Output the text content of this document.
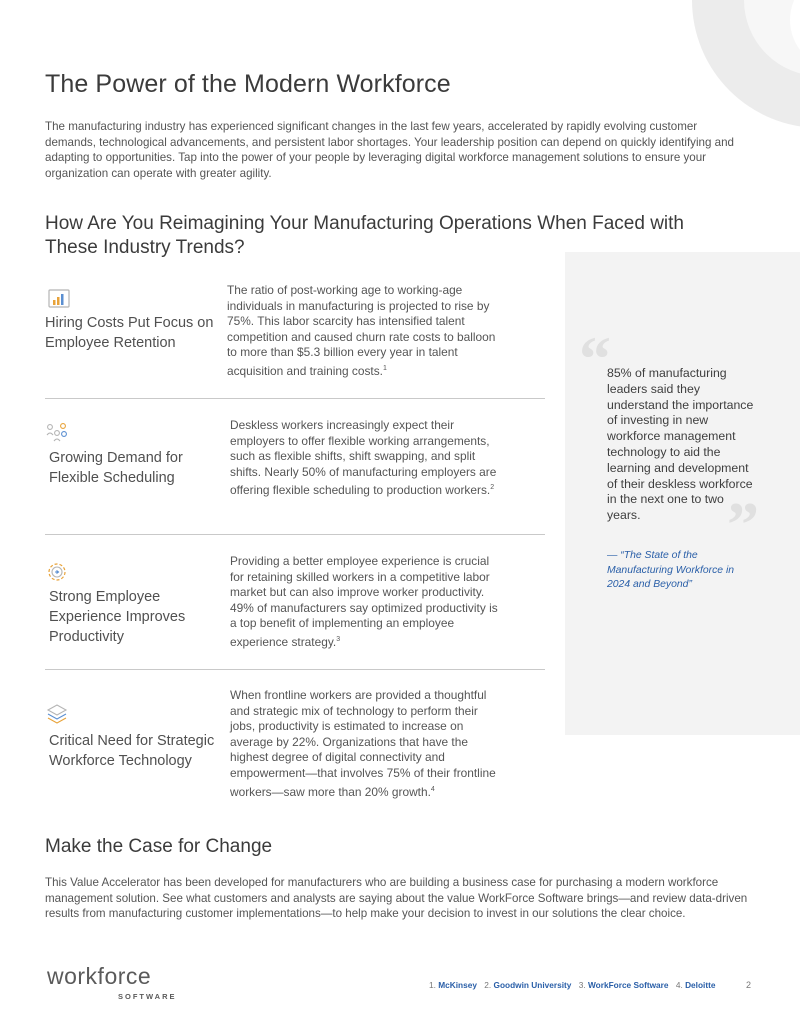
The Power of the Modern Workforce

The manufacturing industry has experienced significant changes in the last few years, accelerated by rapidly evolving customer demands, technological advancements, and persistent labor shortages. Your leadership position can depend on quickly identifying and adapting to opportunities. Tap into the power of your people by leveraging digital workforce management solutions to ensure your organization can operate with greater agility.

How Are You Reimagining Your Manufacturing Operations When Faced with These Industry Trends?
Hiring Costs Put Focus on Employee Retention
The ratio of post-working age to working-age individuals in manufacturing is projected to rise by 75%. This labor scarcity has intensified talent competition and caused churn rate costs to balloon to more than $5.3 billion every year in talent acquisition and training costs.$^1$
Growing Demand for Flexible Scheduling
Deskless workers increasingly expect their employers to offer flexible working arrangements, such as flexible shifts, shift swapping, and split shifts. Nearly 50% of manufacturing employers are offering flexible scheduling to production workers.$^2$
Strong Employee Experience Improves Productivity
Providing a better employee experience is crucial for retaining skilled workers in a competitive labor market but can also improve worker productivity. 49% of manufacturers say optimized productivity is a top benefit of implementing an employee experience strategy.$^3$
Critical Need for Strategic Workforce Technology
When frontline workers are provided a thoughtful and strategic mix of technology to perform their jobs, productivity is estimated to increase on average by 22%. Organizations that have the highest degree of digital connectivity and empowerment—that involves 75% of their frontline workers—saw more than 20% growth.$^4$
“
85% of manufacturing leaders said they understand the importance of investing in new workforce management technology to aid the learning and development of their deskless workforce in the next one to two years.	”
— “The State of the Manufacturing Workforce in 2024 and Beyond”
Make the Case for Change

This Value Accelerator has been developed for manufacturers who are building a business case for purchasing a modern workforce management solution. See what customers and analysts are saying about the value WorkForce Software brings—and review data-driven results from manufacturing customer implementations—to help make your decision to invest in our solutions the clear choice.

workforce
SOFTWARE
1. McKinsey 2. Goodwin University 3. WorkForce Software 4. Deloitte	2
